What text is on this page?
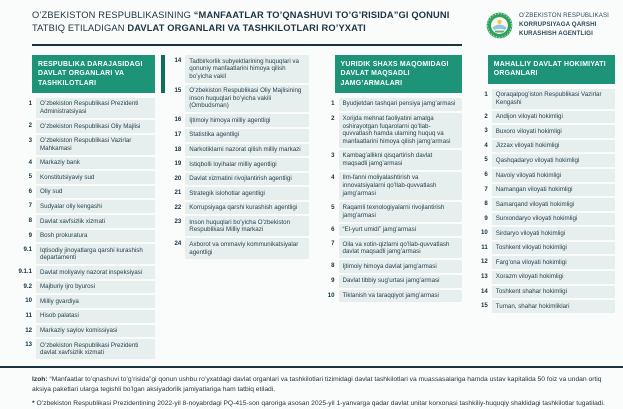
O’ZBEKISTON RESPUBLIKASINING “MANFAATLAR TO’QNASHUVI TO’G’RISIDA”GI QONUNI TATBIQ ETILADIGAN DAVLAT ORGANLARI VA TASHKILOTLARI RO’YXATI
O’ZBEKISTON RESPUBLIKASI
KORRUPSIYAGA QARSHI
KURASHISH AGENTLIGI
RESPUBLIKA DARAJASIDAGI DAVLAT ORGANLARI VA TASHKILOTLARI
1	O’zbekiston Respublikasi Prezidenti Administratsiyasi
2	O’zbekiston Respublikasi Oliy Majlisi
3	O’zbekiston Respublikasi Vazirlar Mahkamasi
4	Markaziy bank
5	Konstitutsiyaviy sud
6	Oliy sud
7	Sudyalar oliy kengashi
8	Davlat xavfsizlik xizmati
9	Bosh prokuratura
9.1	Iqtisodiy jinoyatlarga qarshi kurashish departamenti
9.1.1	Davlat moliyaviy nazorat inspeksiyasi
9.2	Majburiy ijro byurosi
10	Milliy gvardiya
11	Hisob palatasi
12	Markaziy saylov komissiyasi
13	O’zbekiston Respublikasi Prezidenti davlat xavfsizlik xizmati
14	Tadbirkorlik subyektlarining huquqlari va qonuniy manfaatlarini himoya qilish bo’yicha vakil
15	O’zbekiston Respublikasi Oliy Majlisining inson huquqlari bo’yicha vakili (Ombudsman)
16	Ijtimoiy himoya milliy agentligi
17	Statistika agentligi
18	Narkotiklarni nazorat qilish milliy markazi
19	Istiqbolli loyihalar milliy agentligi
20	Davlat xizmatini rivojlantirish agentligi
21	Strategik islohotlar agentligi
22	Korrupsiyaga qarshi kurashish agentligi
23	Inson huquqlari bo’yicha O’zbekiston Respublikasi Milliy markazi
24	Axborot va ommaviy kommunikatsiyalar agentligi
YURIDIK SHAXS MAQOMIDAGI DAVLAT MAQSADLI JAMG’ARMALARI
1	Byudjetdan tashqari pensiya jamg’armasi
2	Xorijda mehnat faoliyatini amalga oshirayotgan fuqarolarni qo’llab-quvvatlash hamda ularning huquq va manfaatlarini himoya qilish jamg’armasi
3	Kambag’allikni qisqartirish davlat maqsadli jamg’armasi
4	Ilm-fanni moliyalashtirish va innovatsiyalarni qo’llab-quvvatlash jamg’armasi
5	Raqamli texnologiyalarni rivojlantirish jamg’armasi
6	“El-yurt umidi” jamg’armasi
7	Oila va xotin-qizlarni qo’llab-quvvatlash davlat maqsadli jamg’armasi
8	Ijtimoiy himoya davlat jamg’armasi
9	Davlat tibbiy sug’urtasi jamg’armasi
10	Tiklanish va taraqqiyot jamg’armasi
MAHALLIY DAVLAT HOKIMIYATI ORGANLARI
1	Qoraqalpog’iston Respublikasi Vazirlar Kengashi
2	Andijon viloyati hokimligi
3	Buxoro viloyati hokimligi
4	Jizzax viloyati hokimligi
5	Qashqadaryo viloyati hokimligi
6	Navoiy viloyati hokimligi
7	Namangan viloyati hokimligi
8	Samarqand viloyati hokimligi
9	Surxondaryo viloyati hokimligi
10	Sirdaryo viloyati hokimligi
11	Toshkent viloyati hokimligi
12	Farg’ona viloyati hokimligi
13	Xorazm viloyati hokimligi
14	Toshkent shahar hokimligi
15	Tuman, shahar hokimliklari

Izoh: “Manfaatlar to’qnashuvi to’g’risida”gi qonun ushbu ro’yxatdagi davlat organlari va tashkilotlari tizimidagi davlat tashkilotlari va muassasalariga hamda ustav kapitalida 50 foiz va undan ortiq aksiya paketlari ularga tegishli bo’lgan aksiyadorlik jamiyatlariga ham tatbiq etiladi.

* O’zbekiston Respublikasi Prezidentining 2022-yil 8-noyabrdagi PQ-415-son qaroriga asosan 2025-yil 1-yanvarga qadar davlat unitar korxonasi tashkiliy-huquqiy shaklidagi tashkilotlar tugatiladi.
